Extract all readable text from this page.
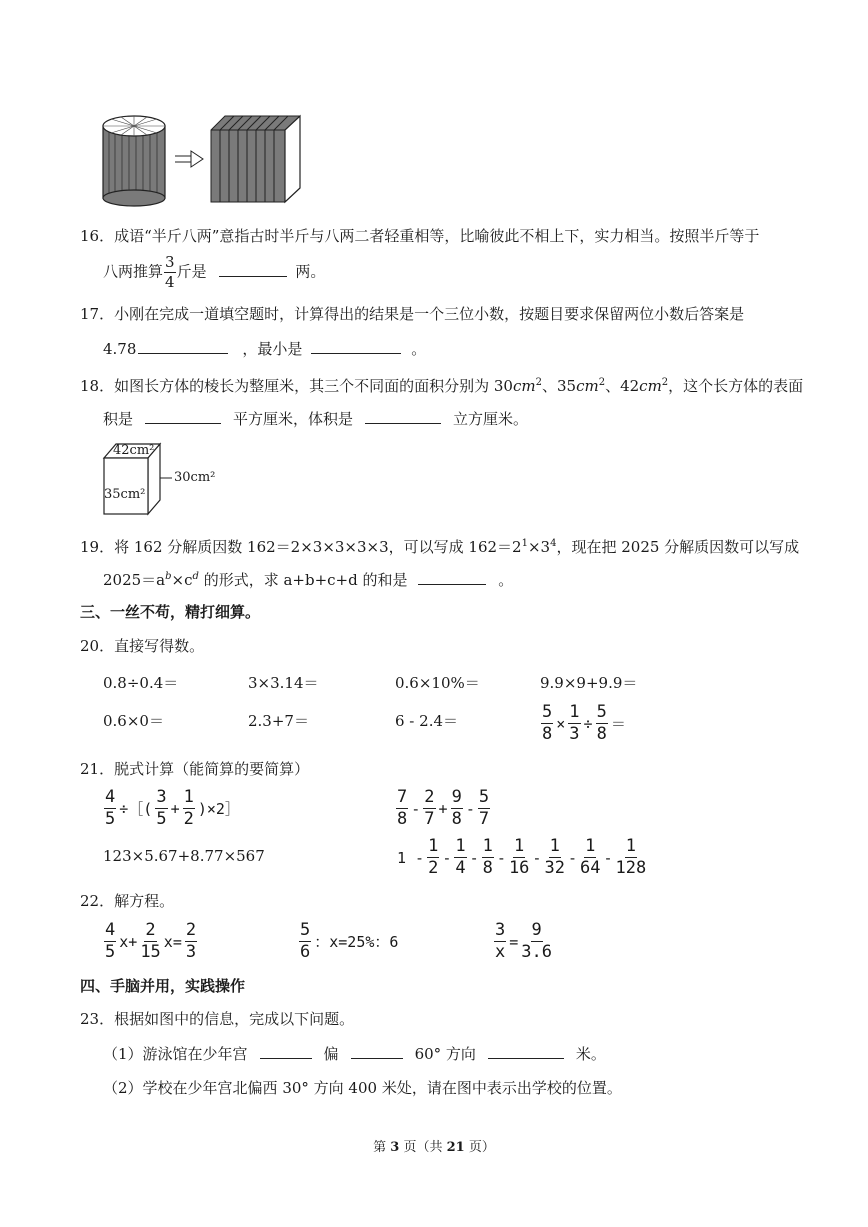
16．成语“半斤八两”意指古时半斤与八两二者轻重相等，比喻彼此不相上下，实力相当。按照半斤等于
八两推算 $\frac{3}{4}$ 斤是	两。
17．小刚在完成一道填空题时，计算得出的结果是一个三位小数，按题目要求保留两位小数后答案是
4.78	，最小是	。
18．如图长方体的棱长为整厘米，其三个不同面的面积分别为 $30cm^2$、$35cm^2$、$42cm^2$，这个长方体的表面
积是	平方厘米，体积是	立方厘米。
42cm²
35cm²
30cm²
19．将 162 分解质因数 162＝2×3×3×3×3，可以写成 $162=2^1\times 3^4$，现在把 2025 分解质因数可以写成
$2025=a^b\times c^d$ 的形式，求 a+b+c+d 的和是	。
三、一丝不苟，精打细算。
20．直接写得数。
0.8÷0.4＝	3×3.14＝	0.6×10%＝	9.9×9+9.9＝
0.6×0＝	2.3+7＝	6 - 2.4＝	$\frac{5}{8} \times \frac{1}{3} \div \frac{5}{8}$ ＝
21．脱式计算（能简算的要简算）
$\frac{4}{5}$ ÷［( $\frac{3}{5} + \frac{1}{2}$ )×2］	$\frac{7}{8} - \frac{2}{7} + \frac{9}{8} - \frac{5}{7}$
123×5.67+8.77×567	$1 - \frac{1}{2} - \frac{1}{4} - \frac{1}{8} - \frac{1}{16} - \frac{1}{32} - \frac{1}{64} - \frac{1}{128}$
22．解方程。
$\frac{4}{5} x+ \frac{2}{15} x= \frac{2}{3}$	$\frac{5}{6}$ ：x=25%：6	$\frac{3}{x} = \frac{9}{3.6}$
四、手脑并用，实践操作
23．根据如图中的信息，完成以下问题。
（1）游泳馆在少年宫	偏	60° 方向	米。
（2）学校在少年宫北偏西 30° 方向 400 米处，请在图中表示出学校的位置。
第 3 页（共 21 页）
